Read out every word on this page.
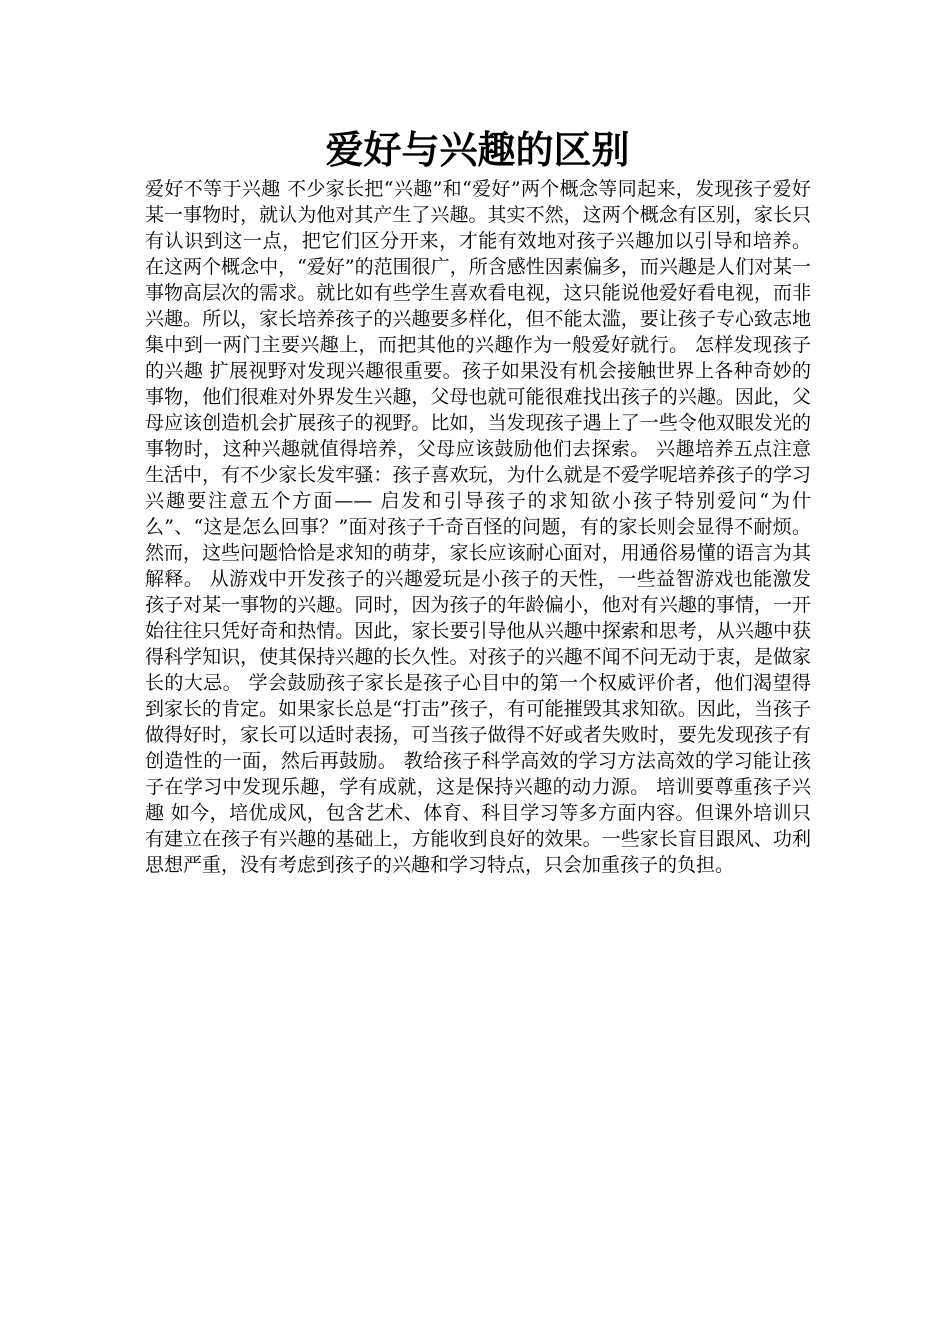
爱好与兴趣的区别

爱好不等于兴趣 不少家长把“兴趣”和“爱好”两个概念等同起来，发现孩子爱好某一事物时，就认为他对其产生了兴趣。其实不然，这两个概念有区别，家长只有认识到这一点，把它们区分开来，才能有效地对孩子兴趣加以引导和培养。 在这两个概念中，“爱好”的范围很广，所含感性因素偏多，而兴趣是人们对某一事物高层次的需求。就比如有些学生喜欢看电视，这只能说他爱好看电视，而非兴趣。所以，家长培养孩子的兴趣要多样化，但不能太滥，要让孩子专心致志地集中到一两门主要兴趣上，而把其他的兴趣作为一般爱好就行。 怎样发现孩子的兴趣 扩展视野对发现兴趣很重要。孩子如果没有机会接触世界上各种奇妙的事物，他们很难对外界发生兴趣，父母也就可能很难找出孩子的兴趣。因此，父母应该创造机会扩展孩子的视野。比如，当发现孩子遇上了一些令他双眼发光的事物时，这种兴趣就值得培养，父母应该鼓励他们去探索。 兴趣培养五点注意 生活中，有不少家长发牢骚：孩子喜欢玩，为什么就是不爱学呢培养孩子的学习兴趣要注意五个方面—— 启发和引导孩子的求知欲小孩子特别爱问“为什么”、“这是怎么回事？”面对孩子千奇百怪的问题，有的家长则会显得不耐烦。然而，这些问题恰恰是求知的萌芽，家长应该耐心面对，用通俗易懂的语言为其解释。 从游戏中开发孩子的兴趣爱玩是小孩子的天性，一些益智游戏也能激发孩子对某一事物的兴趣。同时，因为孩子的年龄偏小，他对有兴趣的事情，一开始往往只凭好奇和热情。因此，家长要引导他从兴趣中探索和思考，从兴趣中获得科学知识，使其保持兴趣的长久性。对孩子的兴趣不闻不问无动于衷，是做家长的大忌。 学会鼓励孩子家长是孩子心目中的第一个权威评价者，他们渴望得到家长的肯定。如果家长总是“打击”孩子，有可能摧毁其求知欲。因此，当孩子做得好时，家长可以适时表扬，可当孩子做得不好或者失败时，要先发现孩子有创造性的一面，然后再鼓励。 教给孩子科学高效的学习方法高效的学习能让孩子在学习中发现乐趣，学有成就，这是保持兴趣的动力源。 培训要尊重孩子兴趣 如今，培优成风，包含艺术、体育、科目学习等多方面内容。但课外培训只有建立在孩子有兴趣的基础上，方能收到良好的效果。一些家长盲目跟风、功利思想严重，没有考虑到孩子的兴趣和学习特点，只会加重孩子的负担。
